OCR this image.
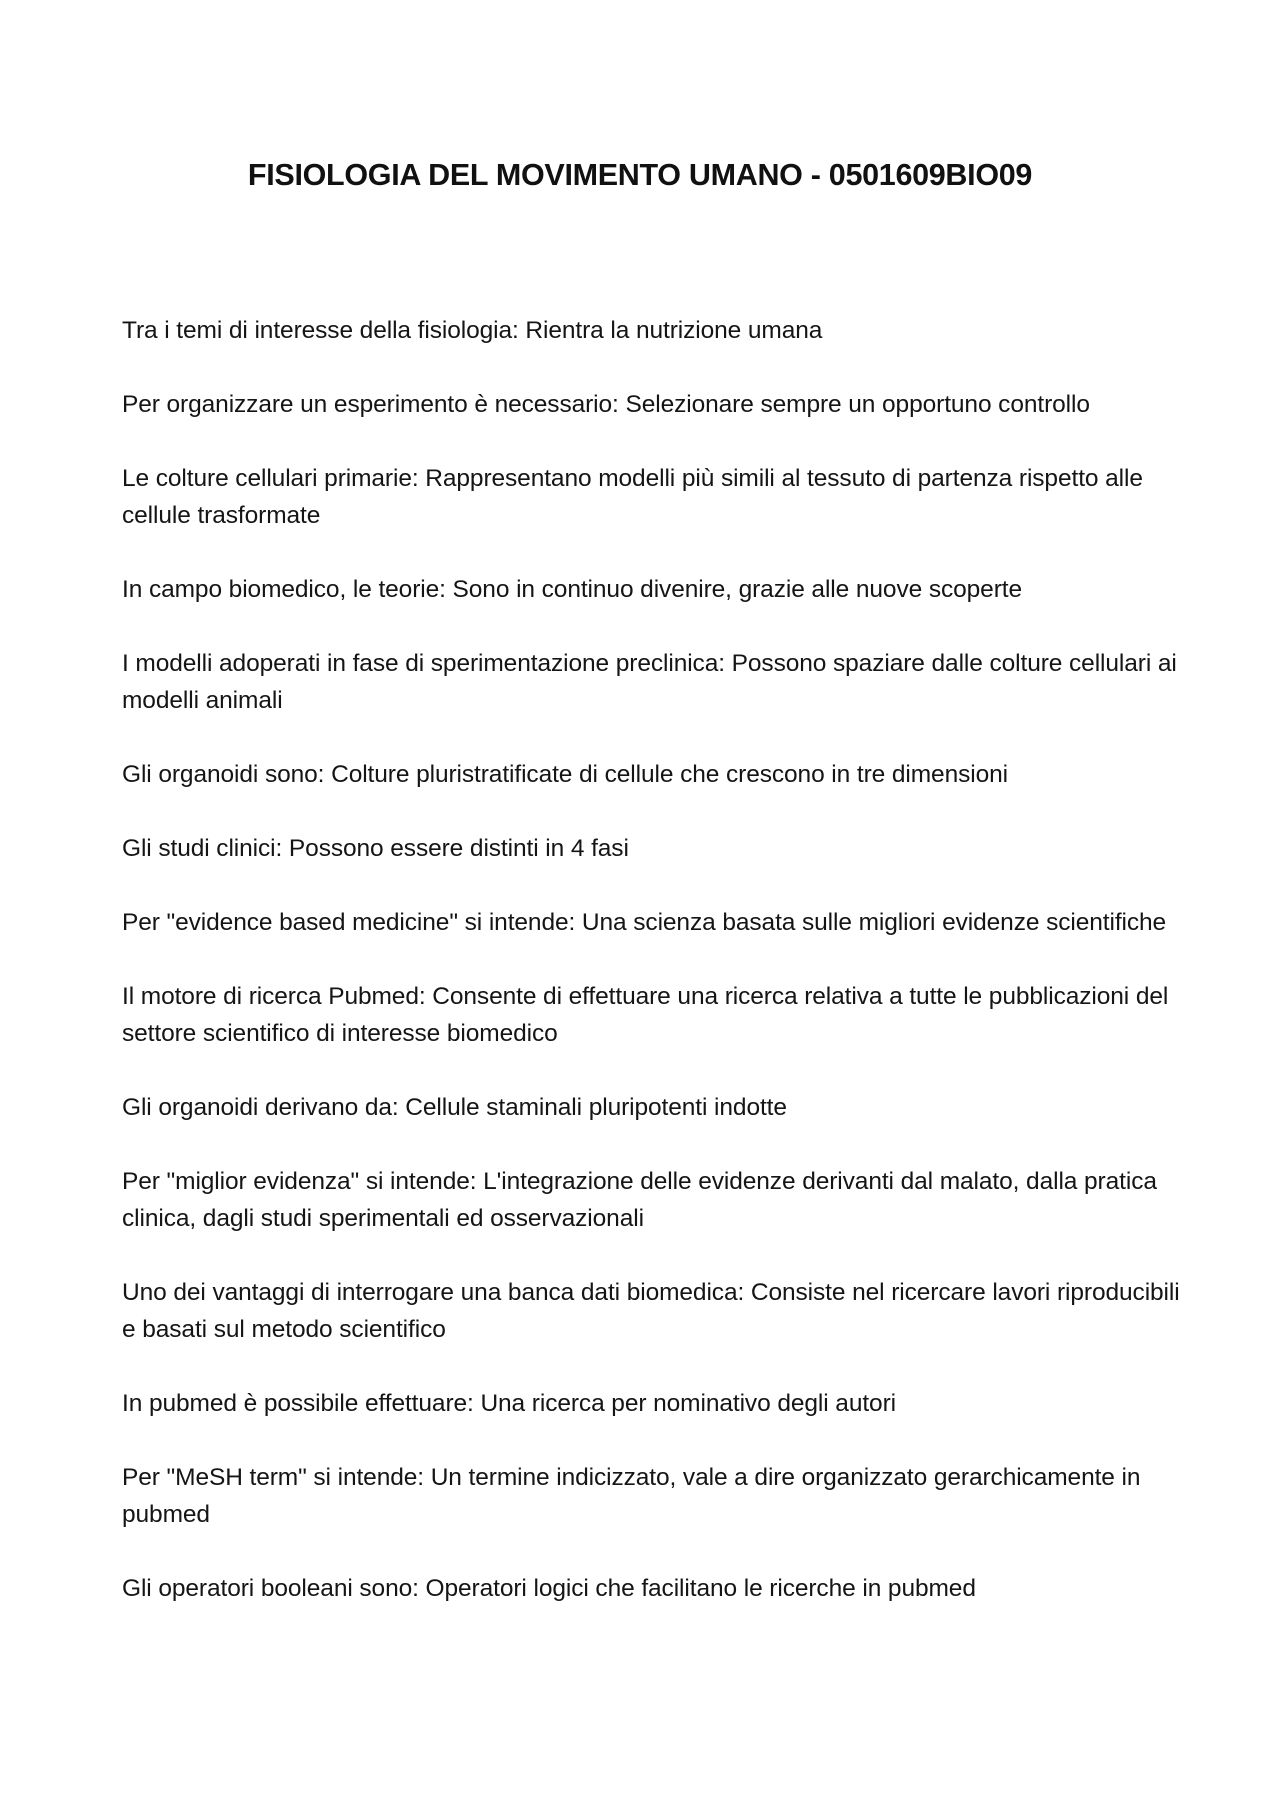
FISIOLOGIA DEL MOVIMENTO UMANO - 0501609BIO09
Tra i temi di interesse della fisiologia: Rientra la nutrizione umana
Per organizzare un esperimento è necessario: Selezionare sempre un opportuno controllo
Le colture cellulari primarie: Rappresentano modelli più simili al tessuto di partenza rispetto alle cellule trasformate
In campo biomedico, le teorie: Sono in continuo divenire, grazie alle nuove scoperte
I modelli adoperati in fase di sperimentazione preclinica: Possono spaziare dalle colture cellulari ai modelli animali
Gli organoidi sono: Colture pluristratificate di cellule che crescono in tre dimensioni
Gli studi clinici: Possono essere distinti in 4 fasi
Per "evidence based medicine" si intende: Una scienza basata sulle migliori evidenze scientifiche
Il motore di ricerca Pubmed: Consente di effettuare una ricerca relativa a tutte le pubblicazioni del settore scientifico di interesse biomedico
Gli organoidi derivano da: Cellule staminali pluripotenti indotte
Per "miglior evidenza" si intende: L'integrazione delle evidenze derivanti dal malato, dalla pratica clinica, dagli studi sperimentali ed osservazionali
Uno dei vantaggi di interrogare una banca dati biomedica: Consiste nel ricercare lavori riproducibili e basati sul metodo scientifico
In pubmed è possibile effettuare: Una ricerca per nominativo degli autori
Per "MeSH term" si intende: Un termine indicizzato, vale a dire organizzato gerarchicamente in pubmed
Gli operatori booleani sono: Operatori logici che facilitano le ricerche in pubmed
